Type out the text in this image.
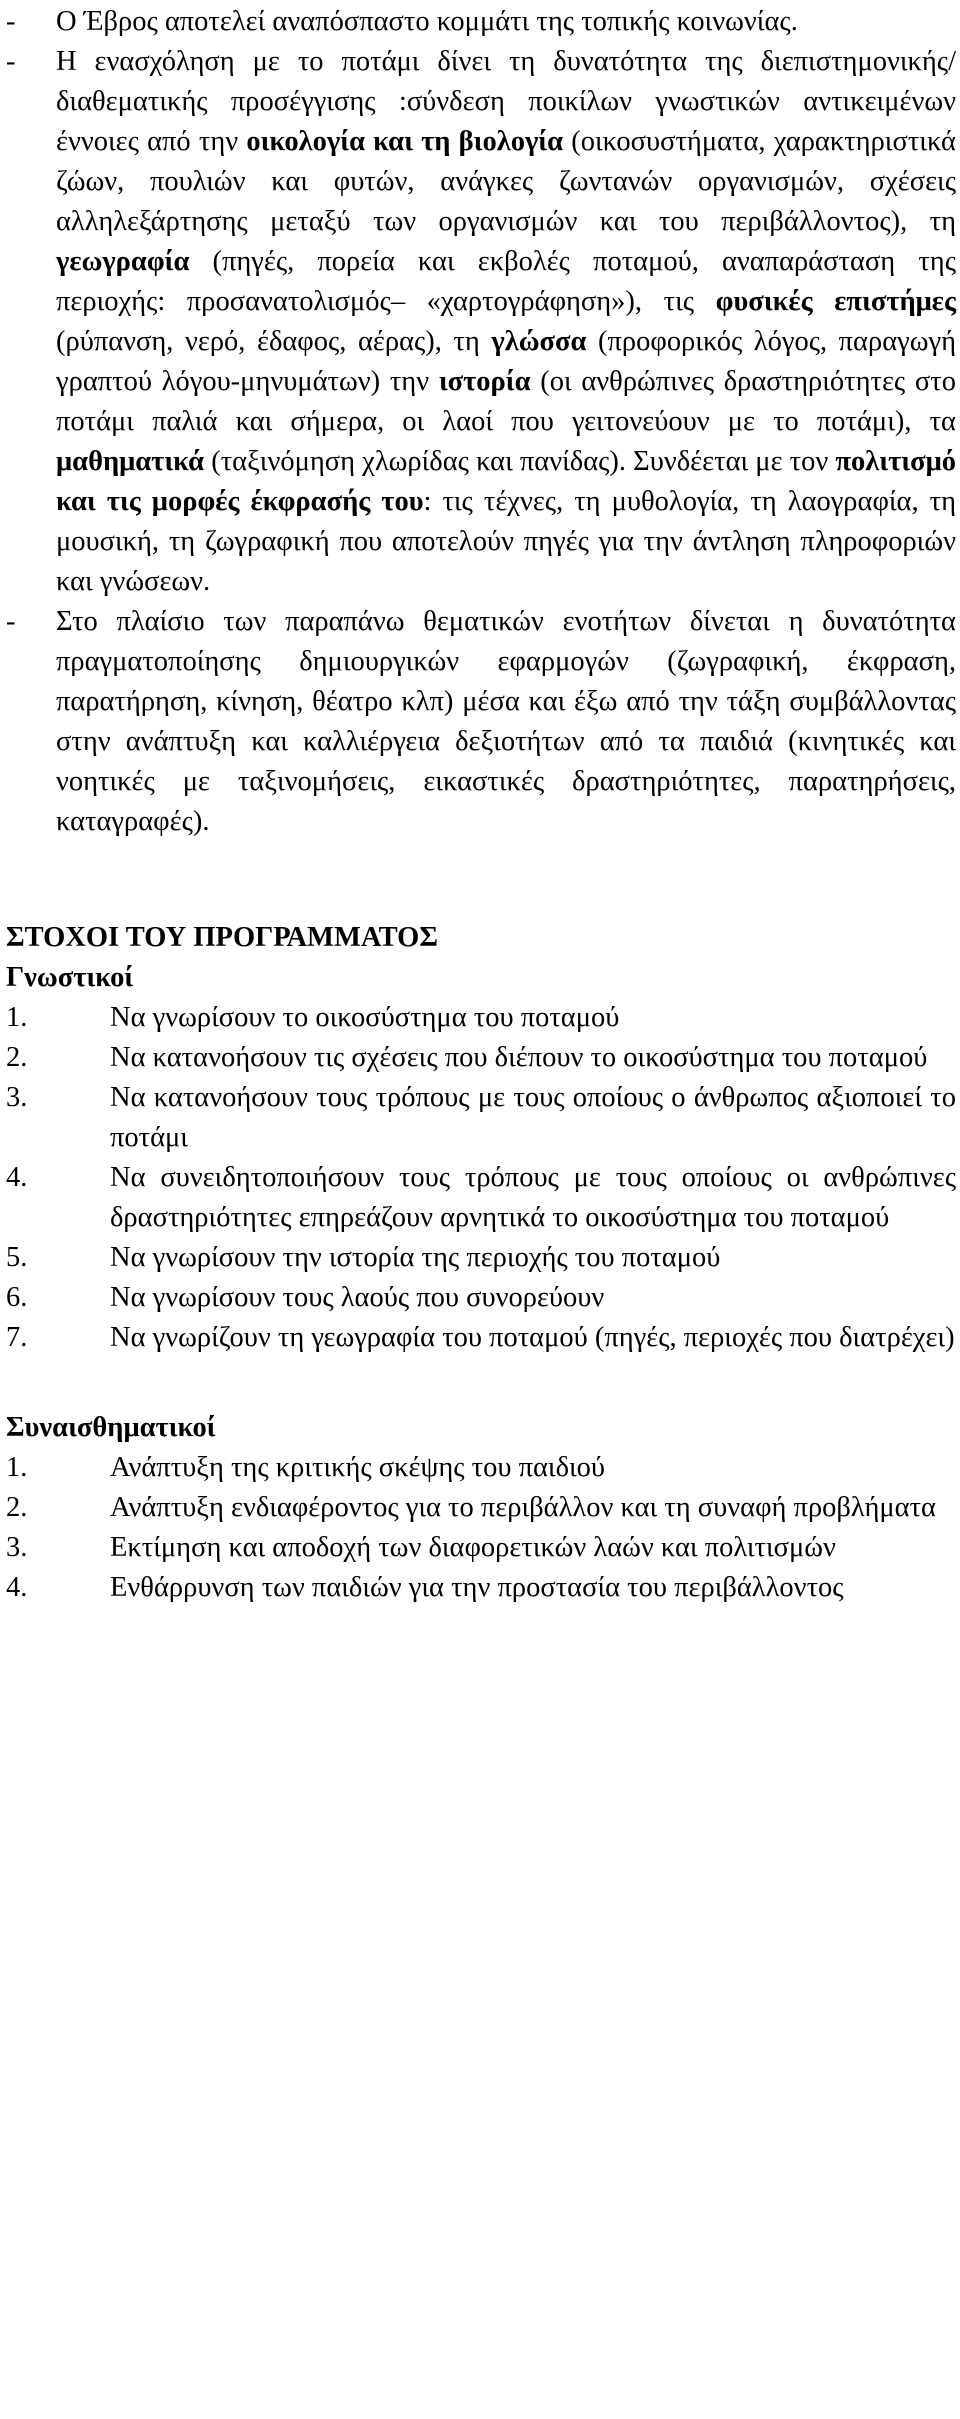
- Ο Έβρος αποτελεί αναπόσπαστο κομμάτι της τοπικής κοινωνίας.

- Η ενασχόληση με το ποτάμι δίνει τη δυνατότητα της διεπιστημονικής/διαθεματικής προσέγγισης :σύνδεση ποικίλων γνωστικών αντικειμένων έννοιες από την οικολογία και τη βιολογία (οικοσυστήματα, χαρακτηριστικά ζώων, πουλιών και φυτών, ανάγκες ζωντανών οργανισμών, σχέσεις αλληλεξάρτησης μεταξύ των οργανισμών και του περιβάλλοντος), τη γεωγραφία (πηγές, πορεία και εκβολές ποταμού, αναπαράσταση της περιοχής: προσανατολισμός– «χαρτογράφηση»), τις φυσικές επιστήμες (ρύπανση, νερό, έδαφος, αέρας), τη γλώσσα (προφορικός λόγος, παραγωγή γραπτού λόγου-μηνυμάτων) την ιστορία (οι ανθρώπινες δραστηριότητες στο ποτάμι παλιά και σήμερα, οι λαοί που γειτονεύουν με το ποτάμι), τα μαθηματικά (ταξινόμηση χλωρίδας και πανίδας). Συνδέεται με τον πολιτισμό και τις μορφές έκφρασής του: τις τέχνες, τη μυθολογία, τη λαογραφία, τη μουσική, τη ζωγραφική που αποτελούν πηγές για την άντληση πληροφοριών και γνώσεων.

- Στο πλαίσιο των παραπάνω θεματικών ενοτήτων δίνεται η δυνατότητα πραγματοποίησης δημιουργικών εφαρμογών (ζωγραφική, έκφραση, παρατήρηση, κίνηση, θέατρο κλπ) μέσα και έξω από την τάξη συμβάλλοντας στην ανάπτυξη και καλλιέργεια δεξιοτήτων από τα παιδιά (κινητικές και νοητικές με ταξινομήσεις, εικαστικές δραστηριότητες, παρατηρήσεις, καταγραφές).

ΣΤΟΧΟΙ ΤΟΥ ΠΡΟΓΡΑΜΜΑΤΟΣ

Γνωστικοί

1.	Να γνωρίσουν το οικοσύστημα του ποταμού
2.	Να κατανοήσουν τις σχέσεις που διέπουν το οικοσύστημα του ποταμού
3.	Να κατανοήσουν τους τρόπους με τους οποίους ο άνθρωπος αξιοποιεί το ποτάμι
4.	Να συνειδητοποιήσουν τους τρόπους με τους οποίους οι ανθρώπινες δραστηριότητες επηρεάζουν αρνητικά το οικοσύστημα του ποταμού
5.	Να γνωρίσουν την ιστορία της περιοχής του ποταμού
6.	Να γνωρίσουν τους λαούς που συνορεύουν
7.	Να γνωρίζουν τη γεωγραφία του ποταμού (πηγές, περιοχές που διατρέχει)

Συναισθηματικοί

1.	Ανάπτυξη της κριτικής σκέψης του παιδιού
2.	Ανάπτυξη ενδιαφέροντος για το περιβάλλον και τη συναφή προβλήματα
3.	Εκτίμηση και αποδοχή των διαφορετικών λαών και πολιτισμών
4.	Ενθάρρυνση των παιδιών για την προστασία του περιβάλλοντος
